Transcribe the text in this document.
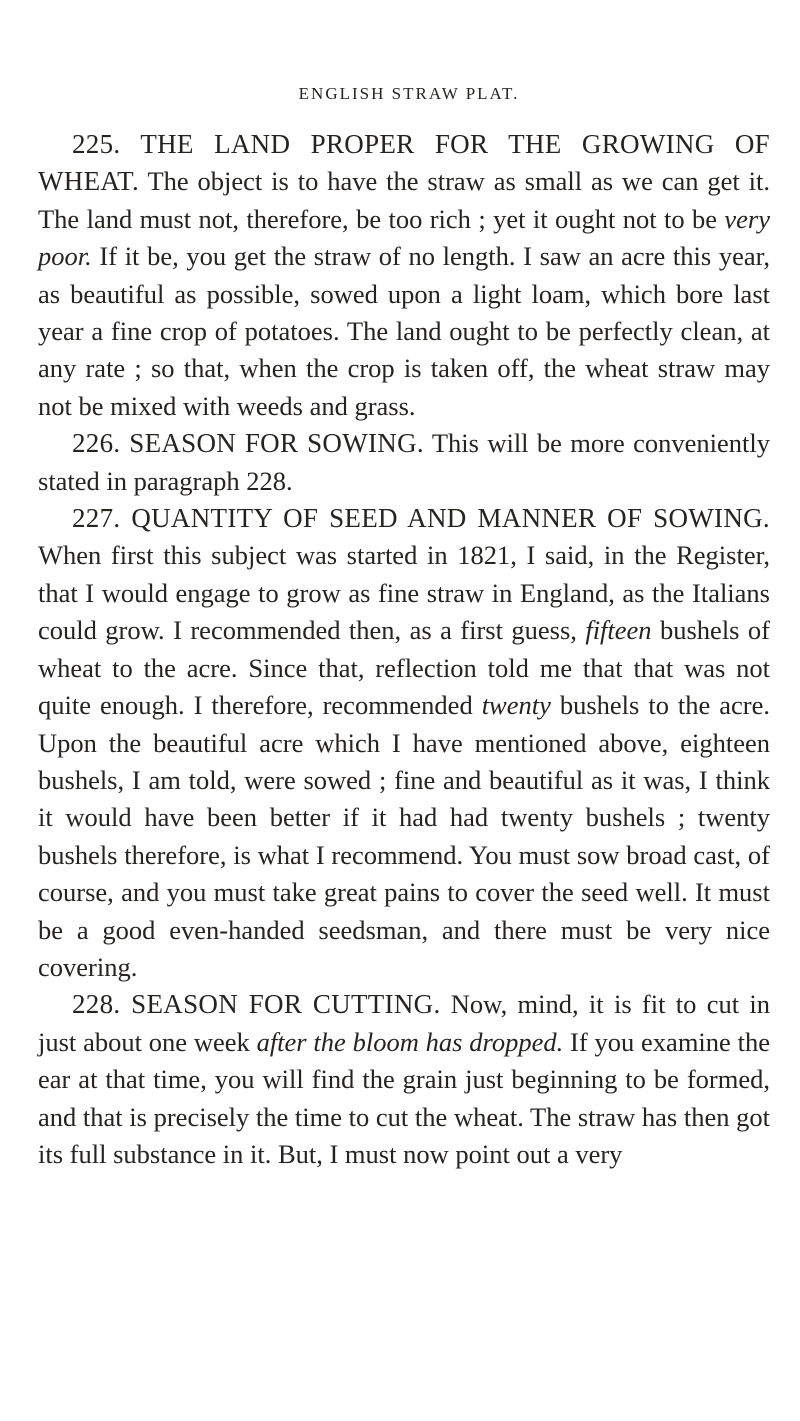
ENGLISH STRAW PLAT.

225. THE LAND PROPER FOR THE GROWING OF WHEAT. The object is to have the straw as small as we can get it. The land must not, therefore, be too rich ; yet it ought not to be very poor. If it be, you get the straw of no length. I saw an acre this year, as beautiful as possible, sowed upon a light loam, which bore last year a fine crop of potatoes. The land ought to be perfectly clean, at any rate ; so that, when the crop is taken off, the wheat straw may not be mixed with weeds and grass.

226. SEASON FOR SOWING. This will be more conveniently stated in paragraph 228.

227. QUANTITY OF SEED AND MANNER OF SOWING. When first this subject was started in 1821, I said, in the Register, that I would engage to grow as fine straw in England, as the Italians could grow. I recommended then, as a first guess, fifteen bushels of wheat to the acre. Since that, reflection told me that that was not quite enough. I therefore, recommended twenty bushels to the acre. Upon the beautiful acre which I have mentioned above, eighteen bushels, I am told, were sowed ; fine and beautiful as it was, I think it would have been better if it had had twenty bushels ; twenty bushels therefore, is what I recommend. You must sow broad cast, of course, and you must take great pains to cover the seed well. It must be a good even-handed seedsman, and there must be very nice covering.

228. SEASON FOR CUTTING. Now, mind, it is fit to cut in just about one week after the bloom has dropped. If you examine the ear at that time, you will find the grain just beginning to be formed, and that is precisely the time to cut the wheat. The straw has then got its full substance in it. But, I must now point out a very
